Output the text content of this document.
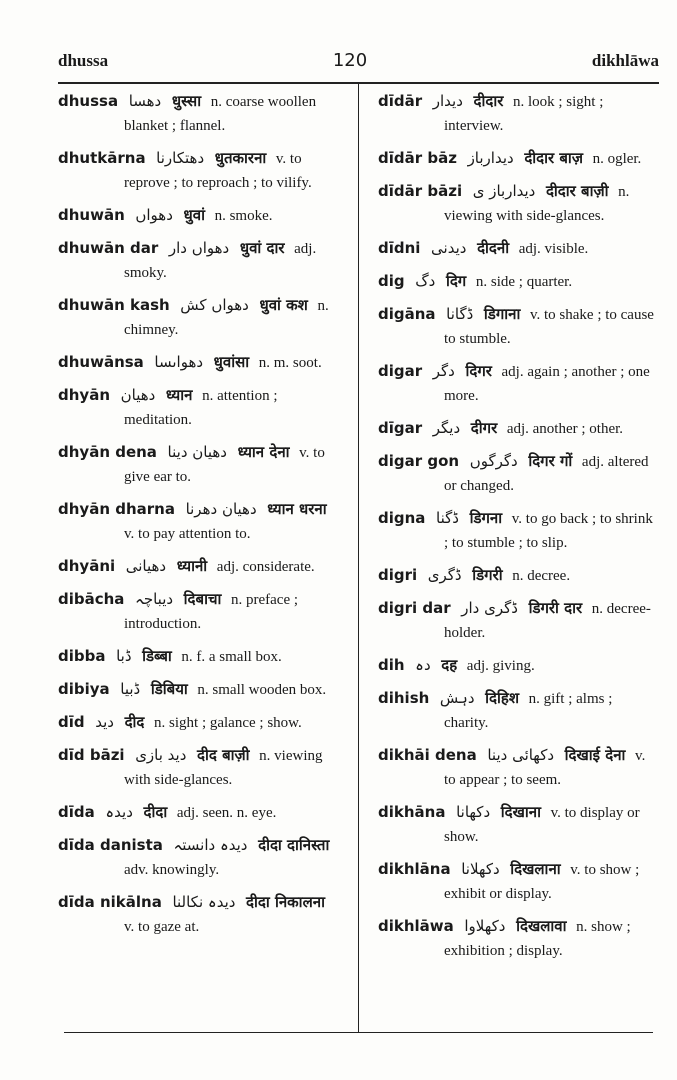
dhussa	120	dikhlāwa
dhussa دھسا धुस्सा n. coarse woollen blanket ; flannel.
dhutkārna دھتکارنا धुतकारना v. to reprove ; to reproach ; to vilify.
dhuwān دھواں धुवां n. smoke.
dhuwān dar دھواں دار धुवां दार adj. smoky.
dhuwān kash دھواں کش धुवां कश n. chimney.
dhuwānsa دھواںسا धुवांसा n. m. soot.
dhyān دھیان ध्यान n. attention ; meditation.
dhyān dena دھیان دینا ध्यान देना v. to give ear to.
dhyān dharna دھیان دھرنا ध्यान धरना v. to pay attention to.
dhyāni دھیانی ध्यानी adj. considerate.
dibācha دیباچہ दिबाचा n. preface ; introduction.
dibba ڈبا डिब्बा n. f. a small box.
dibiya ڈبیا डिबिया n. small wooden box.
dīd دید दीद n. sight ; galance ; show.
dīd bāzi دید بازی दीद बाज़ी n. viewing with side-glances.
dīda دیدہ दीदा adj. seen. n. eye.
dīda danista دیدہ دانستہ दीदा दानिस्ता adv. knowingly.
dīda nikālna دیدہ نکالنا दीदा निकालना v. to gaze at.
dīdār دیدار दीदार n. look ; sight ; interview.
dīdār bāz دیدارباز दीदार बाज़ n. ogler.
dīdār bāzi دیدارباز ی दीदार बाज़ी n. viewing with side-glances.
dīdni دیدنی दीदनी adj. visible.
dig دگ दिग n. side ; quarter.
digāna ڈگانا डिगाना v. to shake ; to cause to stumble.
digar دگر दिगर adj. again ; another ; one more.
dīgar دیگر दीगर adj. another ; other.
digar gon دگرگوں दिगर गों adj. altered or changed.
digna ڈگنا डिगना v. to go back ; to shrink ; to stumble ; to slip.
digri ڈگری डिगरी n. decree.
digri dar ڈگری دار डिगरी दार n. decree-holder.
dih دہ दह adj. giving.
dihish دہش दिहिश n. gift ; alms ; charity.
dikhāi dena دکھائی دینا दिखाई देना v. to appear ; to seem.
dikhāna دکھانا दिखाना v. to display or show.
dikhlāna دکھلانا दिखलाना v. to show ; exhibit or display.
dikhlāwa دکھلاوا दिखलावा n. show ; exhibition ; display.
